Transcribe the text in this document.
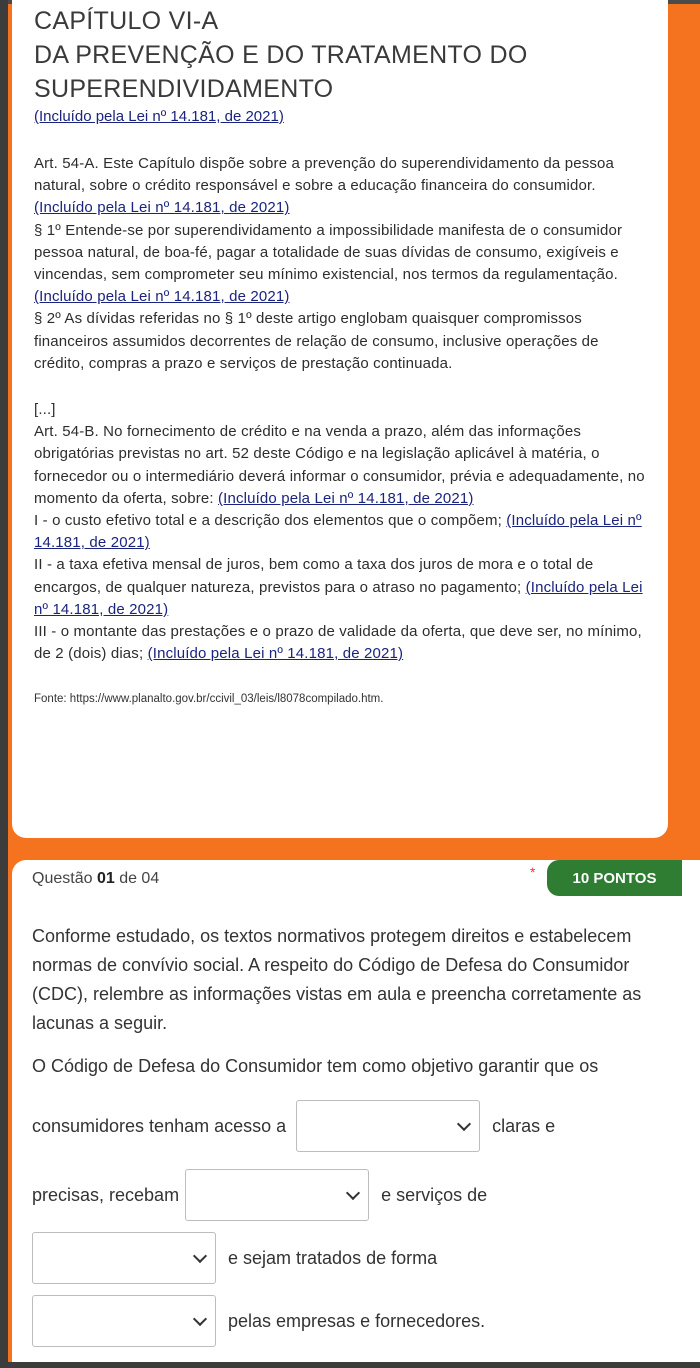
CAPÍTULO VI-A
DA PREVENÇÃO E DO TRATAMENTO DO
SUPERENDIVIDAMENTO

(Incluído pela Lei nº 14.181, de 2021)

Art. 54-A. Este Capítulo dispõe sobre a prevenção do superendividamento da pessoa natural, sobre o crédito responsável e sobre a educação financeira do consumidor. (Incluído pela Lei nº 14.181, de 2021)

§ 1º Entende-se por superendividamento a impossibilidade manifesta de o consumidor pessoa natural, de boa-fé, pagar a totalidade de suas dívidas de consumo, exigíveis e vincendas, sem comprometer seu mínimo existencial, nos termos da regulamentação. (Incluído pela Lei nº 14.181, de 2021)

§ 2º As dívidas referidas no § 1º deste artigo englobam quaisquer compromissos financeiros assumidos decorrentes de relação de consumo, inclusive operações de crédito, compras a prazo e serviços de prestação continuada.

[...]

Art. 54-B. No fornecimento de crédito e na venda a prazo, além das informações obrigatórias previstas no art. 52 deste Código e na legislação aplicável à matéria, o fornecedor ou o intermediário deverá informar o consumidor, prévia e adequadamente, no momento da oferta, sobre: (Incluído pela Lei nº 14.181, de 2021)

I - o custo efetivo total e a descrição dos elementos que o compõem; (Incluído pela Lei nº 14.181, de 2021)

II - a taxa efetiva mensal de juros, bem como a taxa dos juros de mora e o total de encargos, de qualquer natureza, previstos para o atraso no pagamento; (Incluído pela Lei nº 14.181, de 2021)

III - o montante das prestações e o prazo de validade da oferta, que deve ser, no mínimo, de 2 (dois) dias; (Incluído pela Lei nº 14.181, de 2021)

Fonte: https://www.planalto.gov.br/ccivil_03/leis/l8078compilado.htm.
Questão 01 de 04	*	10 PONTOS

Conforme estudado, os textos normativos protegem direitos e estabelecem normas de convívio social. A respeito do Código de Defesa do Consumidor (CDC), relembre as informações vistas em aula e preencha corretamente as lacunas a seguir.

O Código de Defesa do Consumidor tem como objetivo garantir que os
consumidores tenham acesso a	claras e
precisas, recebam	e serviços de
e sejam tratados de forma
pelas empresas e fornecedores.
